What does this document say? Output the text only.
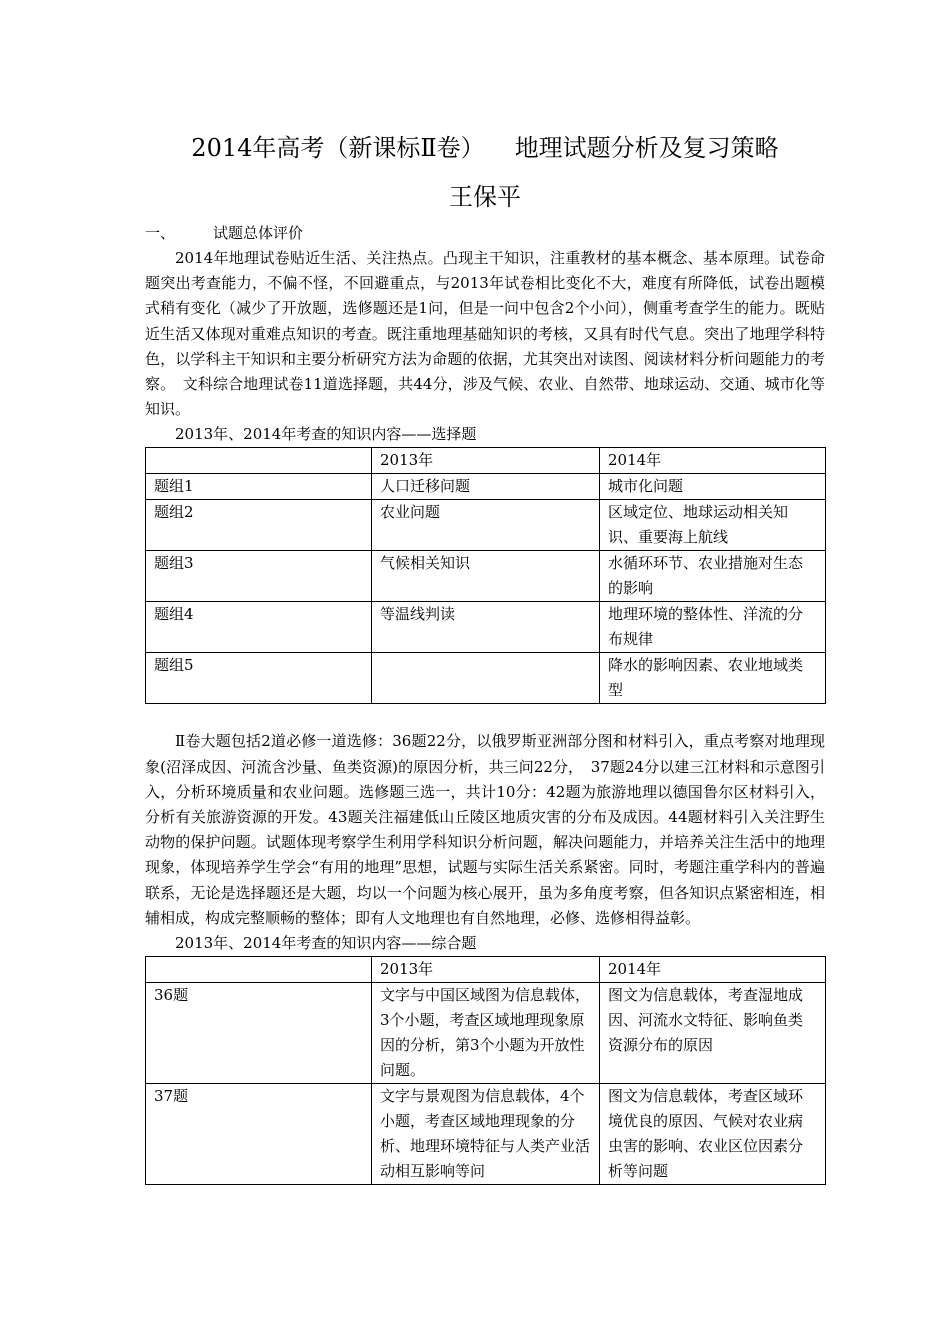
2014年高考（新课标Ⅱ卷） 地理试题分析及复习策略
王保平
一、	试题总体评价

2014年地理试卷贴近生活、关注热点。凸现主干知识，注重教材的基本概念、基本原理。试卷命题突出考查能力，不偏不怪，不回避重点，与2013年试卷相比变化不大，难度有所降低，试卷出题模式稍有变化（减少了开放题，选修题还是1问，但是一问中包含2个小问），侧重考查学生的能力。既贴近生活又体现对重难点知识的考查。既注重地理基础知识的考核，又具有时代气息。突出了地理学科特色，以学科主干知识和主要分析研究方法为命题的依据，尤其突出对读图、阅读材料分析问题能力的考察。　文科综合地理试卷11道选择题，共44分，涉及气候、农业、自然带、地球运动、交通、城市化等知识。

2013年、2014年考查的知识内容——选择题

	2013年	2014年
题组1	人口迁移问题	城市化问题
题组2	农业问题	区域定位、地球运动相关知识、重要海上航线
题组3	气候相关知识	水循环环节、农业措施对生态的影响
题组4	等温线判读	地理环境的整体性、洋流的分布规律
题组5		降水的影响因素、农业地域类型

Ⅱ卷大题包括2道必修一道选修：36题22分，以俄罗斯亚洲部分图和材料引入，重点考察对地理现象(沼泽成因、河流含沙量、鱼类资源)的原因分析，共三问22分，　37题24分以建三江材料和示意图引入，分析环境质量和农业问题。选修题三选一，共计10分：42题为旅游地理以德国鲁尔区材料引入，分析有关旅游资源的开发。43题关注福建低山丘陵区地质灾害的分布及成因。44题材料引入关注野生动物的保护问题。试题体现考察学生利用学科知识分析问题，解决问题能力，并培养关注生活中的地理现象，体现培养学生学会“有用的地理”思想，试题与实际生活关系紧密。同时，考题注重学科内的普遍联系，无论是选择题还是大题，均以一个问题为核心展开，虽为多角度考察，但各知识点紧密相连，相辅相成，构成完整顺畅的整体；即有人文地理也有自然地理，必修、选修相得益彰。

2013年、2014年考查的知识内容——综合题

	2013年	2014年
36题	文字与中国区域图为信息载体，3个小题，考查区域地理现象原因的分析，第3个小题为开放性问题。	图文为信息载体，考查湿地成因、河流水文特征、影响鱼类资源分布的原因
37题	文字与景观图为信息载体，4个小题，考查区域地理现象的分析、地理环境特征与人类产业活动相互影响等问	图文为信息载体，考查区域环境优良的原因、气候对农业病虫害的影响、农业区位因素分析等问题
